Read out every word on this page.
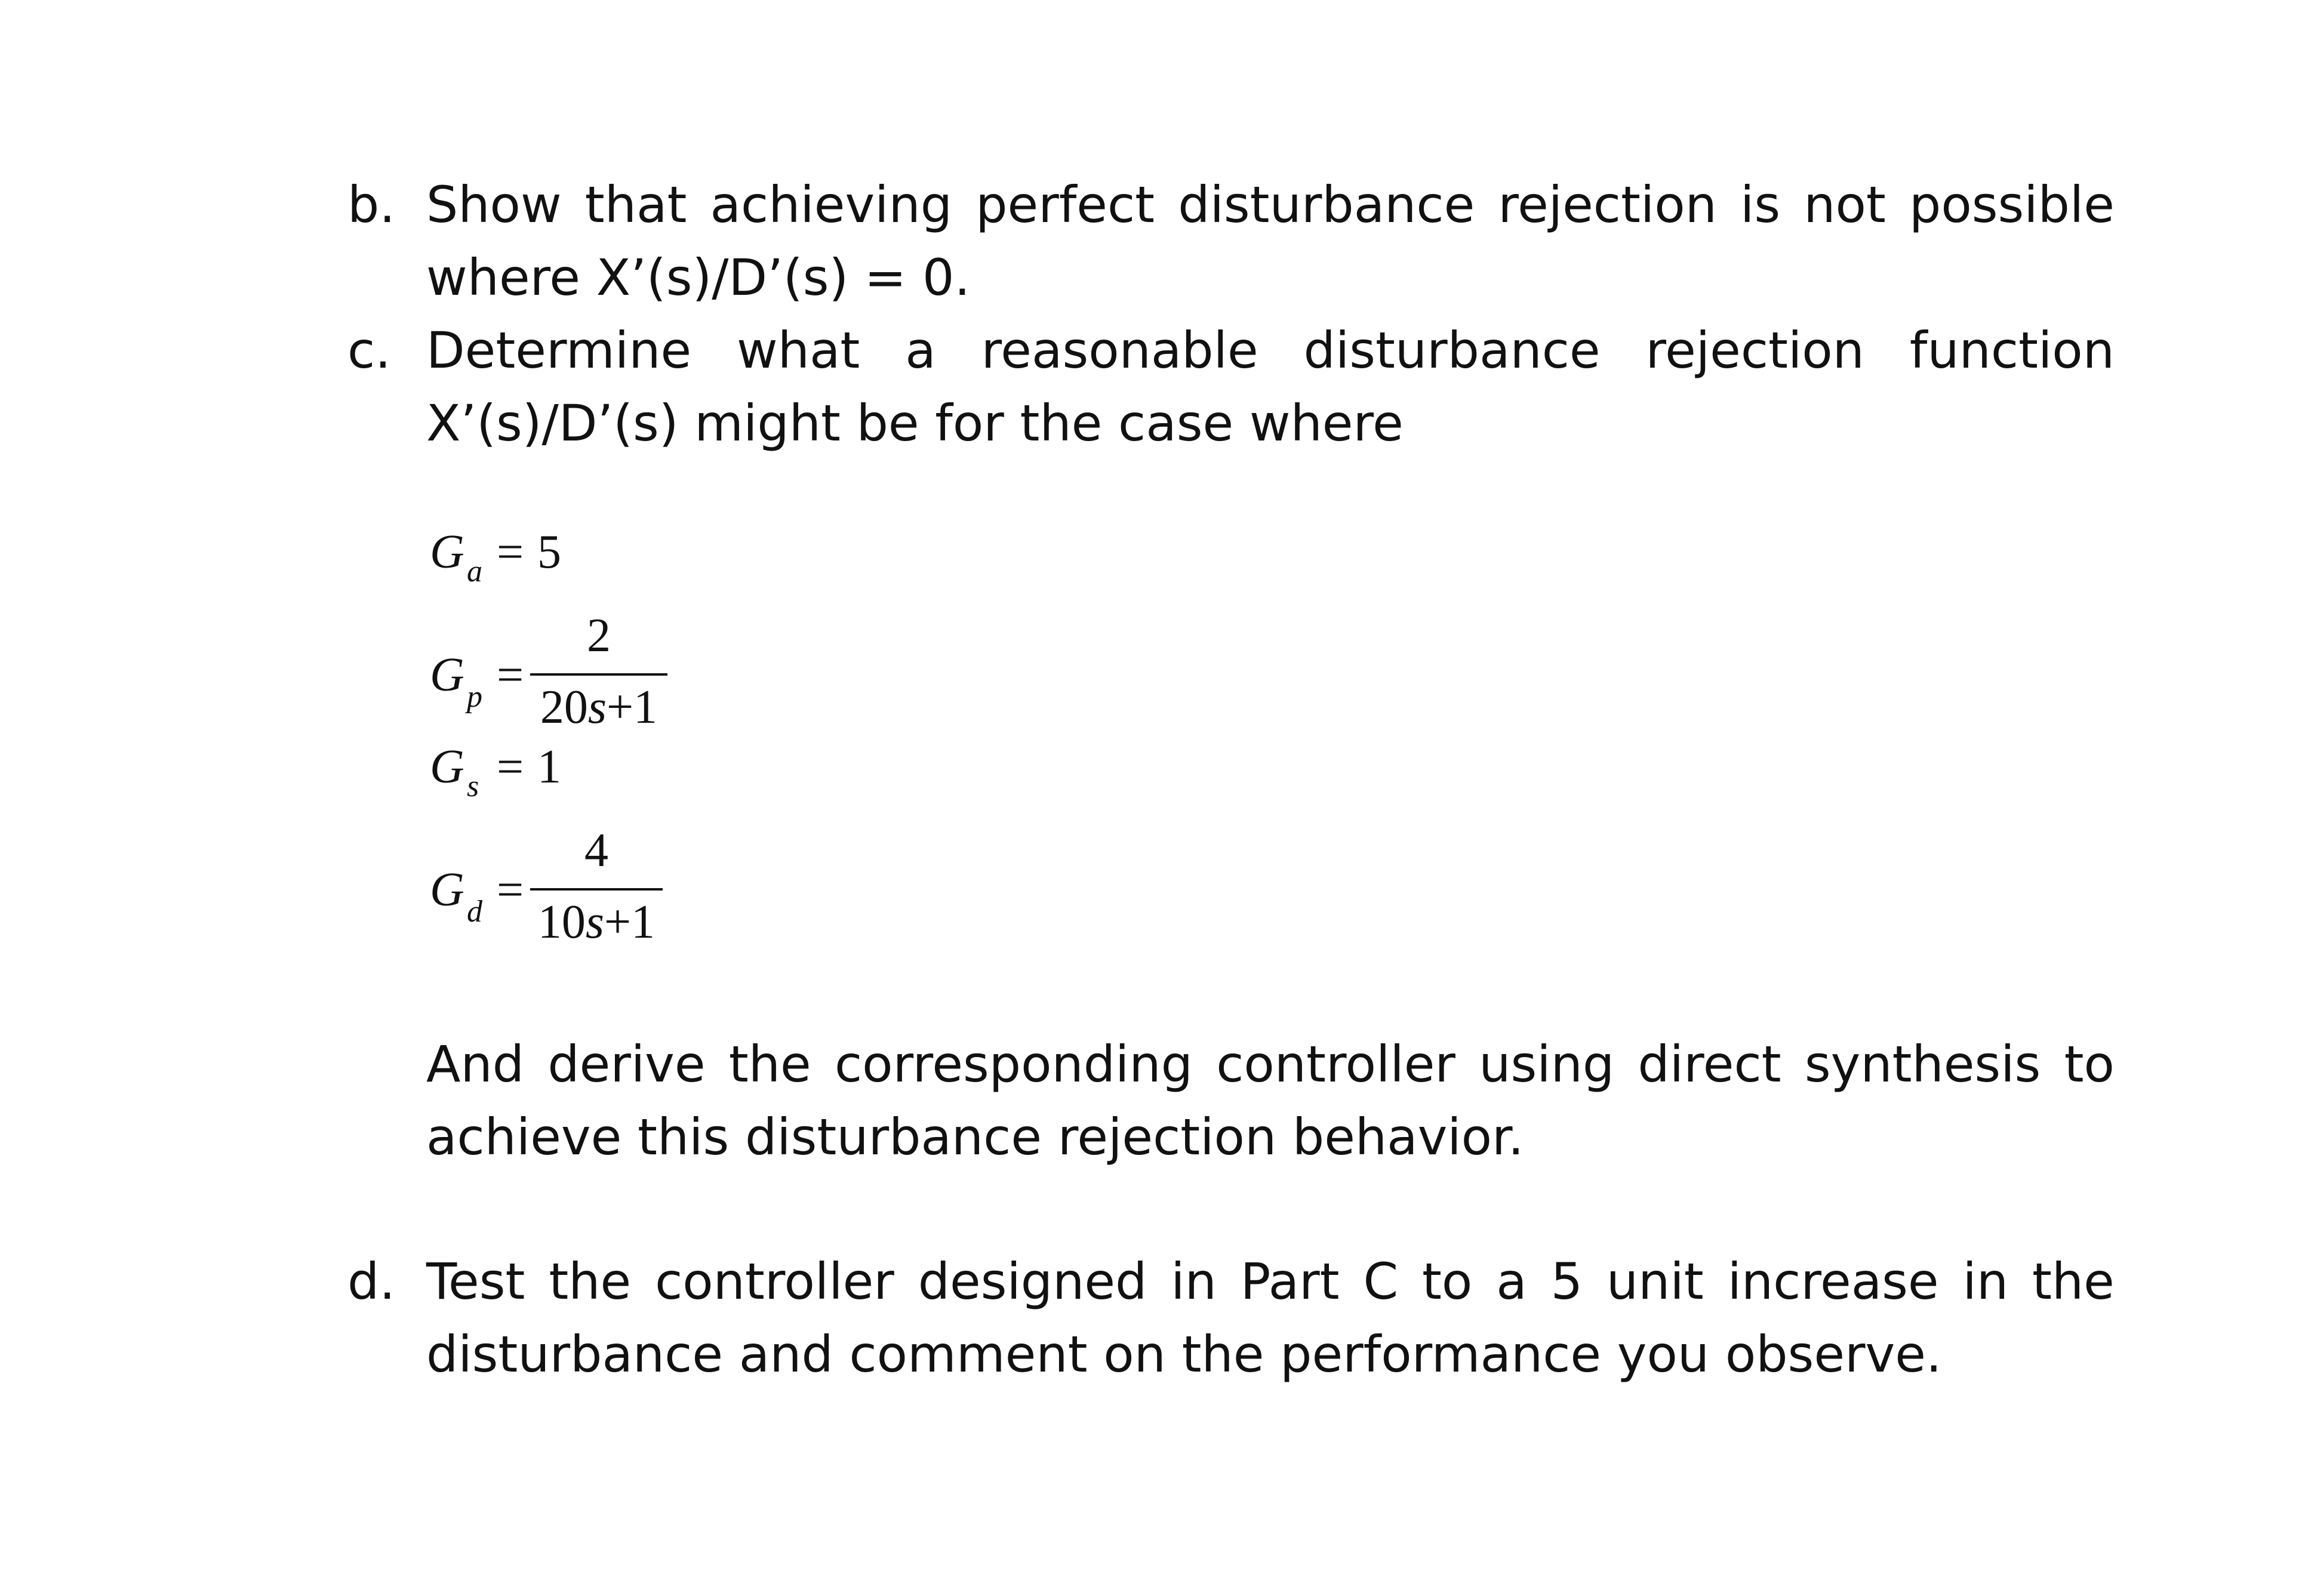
b. Show that achieving perfect disturbance rejection is not possible
where X’(s)/D’(s) = 0.
c. Determine what a reasonable disturbance rejection function
X’(s)/D’(s) might be for the case where
G a = 5
G p =
2
20s+1
G s = 1
G d =
4
10s+1
And derive the corresponding controller using direct synthesis to
achieve this disturbance rejection behavior.
d. Test the controller designed in Part C to a 5 unit increase in the
disturbance and comment on the performance you observe.
